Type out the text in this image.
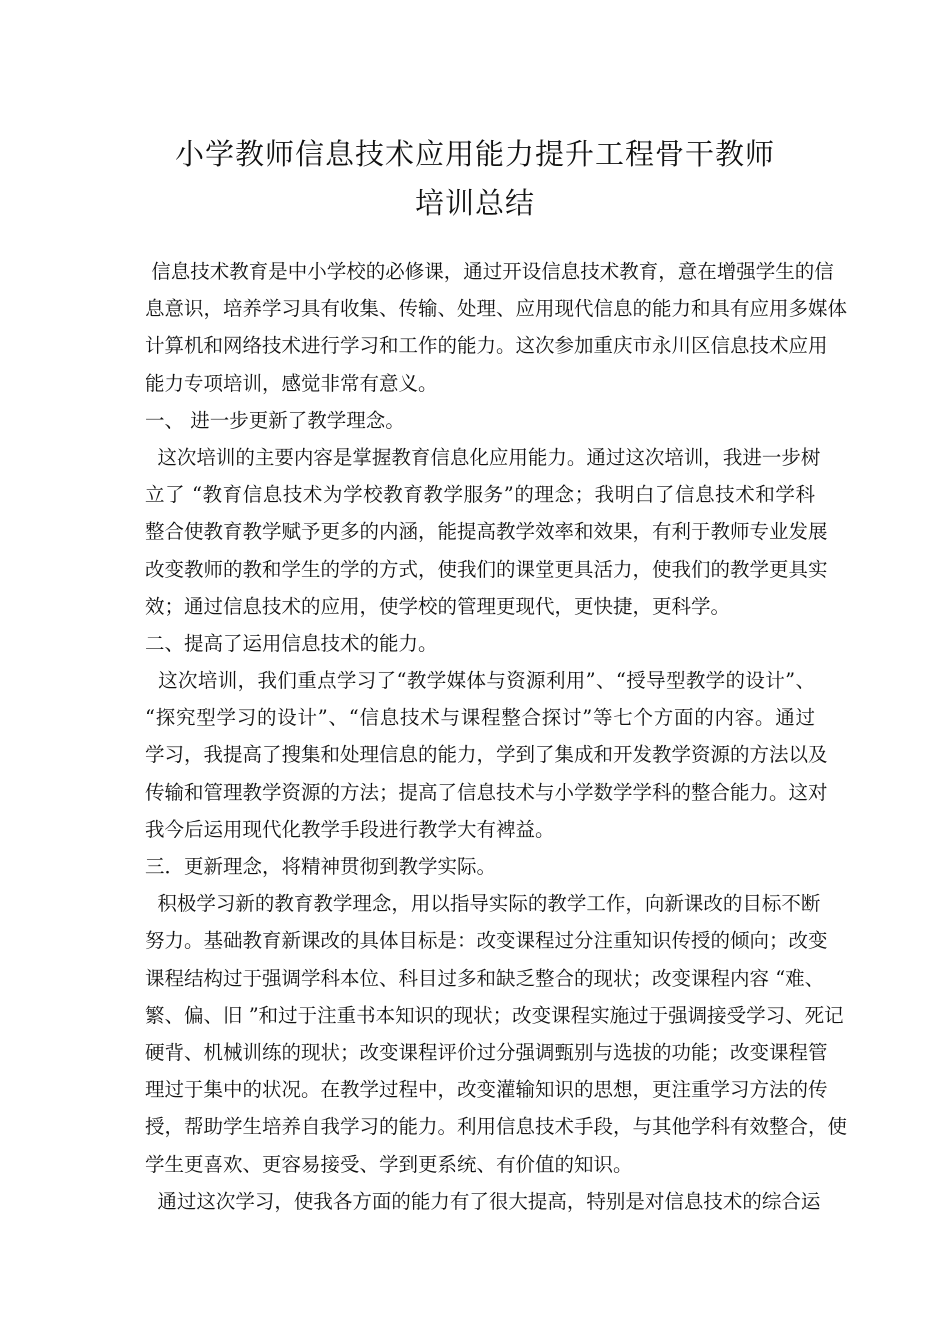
小学教师信息技术应用能力提升工程骨干教师
培训总结
信息技术教育是中小学校的必修课，通过开设信息技术教育，意在增强学生的信
息意识，培养学习具有收集、传输、处理、应用现代信息的能力和具有应用多媒体
计算机和网络技术进行学习和工作的能力。这次参加重庆市永川区信息技术应用
能力专项培训，感觉非常有意义。
一、 进一步更新了教学理念。
这次培训的主要内容是掌握教育信息化应用能力。通过这次培训，我进一步树
立了 “教育信息技术为学校教育教学服务”的理念；我明白了信息技术和学科
整合使教育教学赋予更多的内涵，能提高教学效率和效果，有利于教师专业发展
改变教师的教和学生的学的方式，使我们的课堂更具活力，使我们的教学更具实
效；通过信息技术的应用，使学校的管理更现代，更快捷，更科学。
二、提高了运用信息技术的能力。
这次培训，我们重点学习了“教学媒体与资源利用”、“授导型教学的设计”、
“探究型学习的设计”、“信息技术与课程整合探讨”等七个方面的内容。通过
学习，我提高了搜集和处理信息的能力，学到了集成和开发教学资源的方法以及
传输和管理教学资源的方法；提高了信息技术与小学数学学科的整合能力。这对
我今后运用现代化教学手段进行教学大有裨益。
三．更新理念，将精神贯彻到教学实际。
积极学习新的教育教学理念，用以指导实际的教学工作，向新课改的目标不断
努力。基础教育新课改的具体目标是：改变课程过分注重知识传授的倾向；改变
课程结构过于强调学科本位、科目过多和缺乏整合的现状；改变课程内容 “难、
繁、偏、旧 ”和过于注重书本知识的现状；改变课程实施过于强调接受学习、死记
硬背、机械训练的现状；改变课程评价过分强调甄别与选拔的功能；改变课程管
理过于集中的状况。在教学过程中，改变灌输知识的思想，更注重学习方法的传
授，帮助学生培养自我学习的能力。利用信息技术手段，与其他学科有效整合，使
学生更喜欢、更容易接受、学到更系统、有价值的知识。
通过这次学习，使我各方面的能力有了很大提高，特别是对信息技术的综合运
